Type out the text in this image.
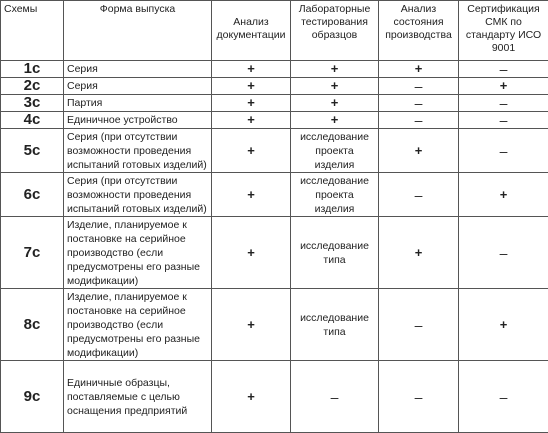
Схемы	Форма выпуска	Анализ документации	Лабораторные тестирования образцов	Анализ состояния производства	Сертификация СМК по стандарту ИСО 9001
1с	Серия	+	+	+	–
2с	Серия	+	+	–	+
3с	Партия	+	+	–	–
4с	Единичное устройство	+	+	–	–
5с	Серия (при отсутствии возможности проведения испытаний готовых изделий)	+	исследование проекта изделия	+	–
6с	Серия (при отсутствии возможности проведения испытаний готовых изделий)	+	исследование проекта изделия	–	+
7с	Изделие, планируемое к постановке на серийное производство (если предусмотрены его разные модификации)	+	исследование типа	+	–
8с	Изделие, планируемое к постановке на серийное производство (если предусмотрены его разные модификации)	+	исследование типа	–	+
9с	Единичные образцы, поставляемые с целью оснащения предприятий	+	–	–	–
